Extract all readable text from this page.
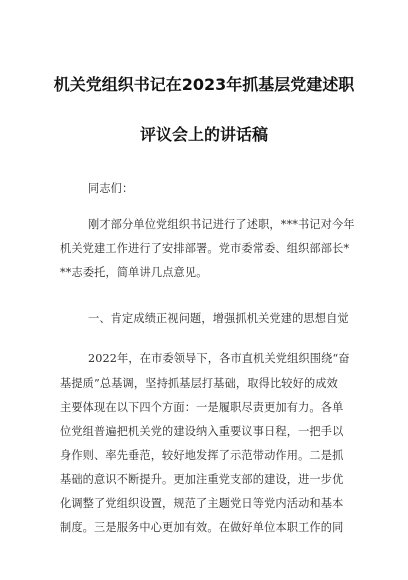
机关党组织书记在2023年抓基层党建述职
评议会上的讲话稿
同志们：
刚才部分单位党组织书记进行了述职，***书记对今年
机关党建工作进行了安排部署。党市委常委、组织部部长*
**志委托，简单讲几点意见。
一、肯定成绩正视问题，增强抓机关党建的思想自觉
2022年，在市委领导下，各市直机关党组织围绕“奋
基提质”总基调，坚持抓基层打基础，取得比较好的成效
主要体现在以下四个方面：一是履职尽责更加有力。各单
位党组普遍把机关党的建设纳入重要议事日程，一把手以
身作则、率先垂范，较好地发挥了示范带动作用。二是抓
基础的意识不断提升。更加注重党支部的建设，进一步优
化调整了党组织设置，规范了主题党日等党内活动和基本
制度。三是服务中心更加有效。在做好单位本职工作的同
